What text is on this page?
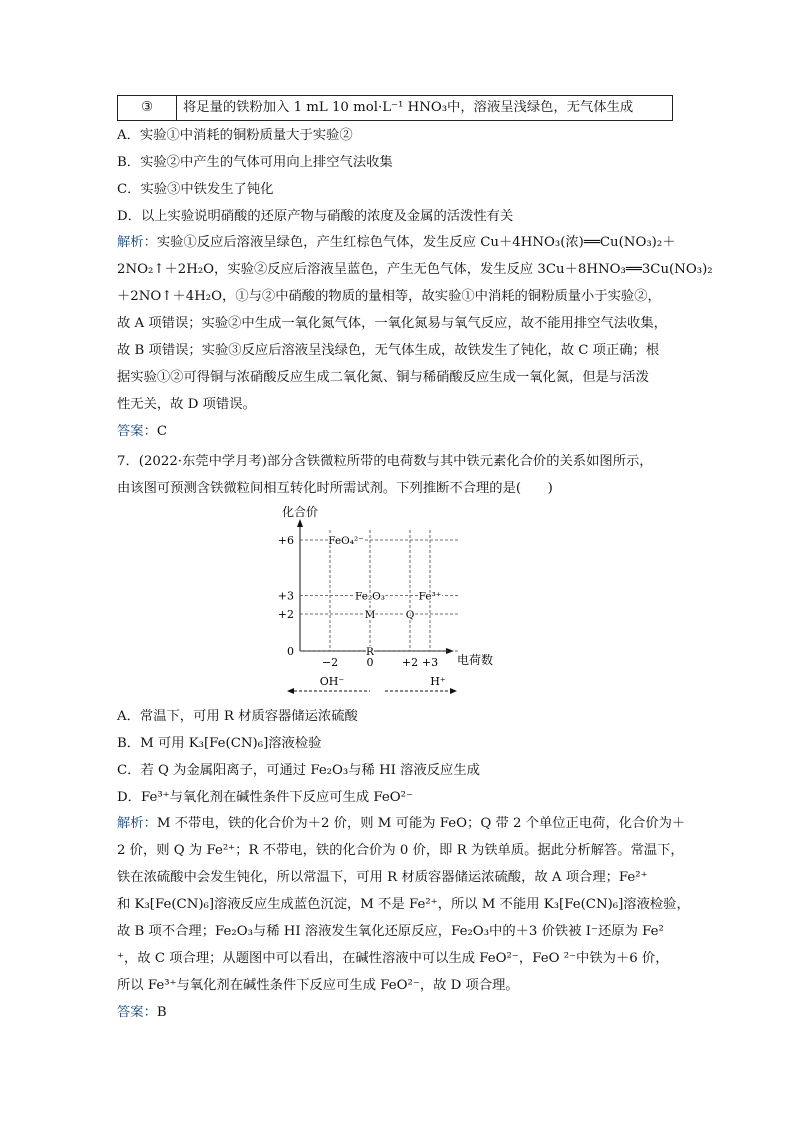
③	将足量的铁粉加入 1 mL 10 mol·L⁻¹ HNO₃中，溶液呈浅绿色，无气体生成
A．实验①中消耗的铜粉质量大于实验②
B．实验②中产生的气体可用向上排空气法收集
C．实验③中铁发生了钝化
D．以上实验说明硝酸的还原产物与硝酸的浓度及金属的活泼性有关
解析：实验①反应后溶液呈绿色，产生红棕色气体，发生反应 Cu＋4HNO₃(浓)══Cu(NO₃)₂＋
2NO₂↑＋2H₂O，实验②反应后溶液呈蓝色，产生无色气体，发生反应 3Cu＋8HNO₃══3Cu(NO₃)₂
＋2NO↑＋4H₂O，①与②中硝酸的物质的量相等，故实验①中消耗的铜粉质量小于实验②，
故 A 项错误；实验②中生成一氧化氮气体，一氧化氮易与氧气反应，故不能用排空气法收集，
故 B 项错误；实验③反应后溶液呈浅绿色，无气体生成，故铁发生了钝化，故 C 项正确；根
据实验①②可得铜与浓硝酸反应生成二氧化氮、铜与稀硝酸反应生成一氧化氮，但是与活泼
性无关，故 D 项错误。
答案：C
7．(2022·东莞中学月考)部分含铁微粒所带的电荷数与其中铁元素化合价的关系如图所示，
由该图可预测含铁微粒间相互转化时所需试剂。下列推断不合理的是(　　)
化合价
电荷数
+6
+3
+2
0
−2	0	+2 +3
FeO₄²⁻
Fe₂O₃	Fe³⁺
M	Q
R
OH⁻	H⁺
A．常温下，可用 R 材质容器储运浓硫酸
B．M 可用 K₃[Fe(CN)₆]溶液检验
C．若 Q 为金属阳离子，可通过 Fe₂O₃与稀 HI 溶液反应生成
D．Fe³⁺与氧化剂在碱性条件下反应可生成 FeO²⁻
解析：M 不带电，铁的化合价为＋2 价，则 M 可能为 FeO；Q 带 2 个单位正电荷，化合价为＋
2 价，则 Q 为 Fe²⁺；R 不带电，铁的化合价为 0 价，即 R 为铁单质。据此分析解答。常温下，
铁在浓硫酸中会发生钝化，所以常温下，可用 R 材质容器储运浓硫酸，故 A 项合理；Fe²⁺
和 K₃[Fe(CN)₆]溶液反应生成蓝色沉淀，M 不是 Fe²⁺，所以 M 不能用 K₃[Fe(CN)₆]溶液检验，
故 B 项不合理；Fe₂O₃与稀 HI 溶液发生氧化还原反应，Fe₂O₃中的＋3 价铁被 I⁻还原为 Fe²
⁺，故 C 项合理；从题图中可以看出，在碱性溶液中可以生成 FeO²⁻，FeO ²⁻中铁为＋6 价，
所以 Fe³⁺与氧化剂在碱性条件下反应可生成 FeO²⁻，故 D 项合理。
答案：B
